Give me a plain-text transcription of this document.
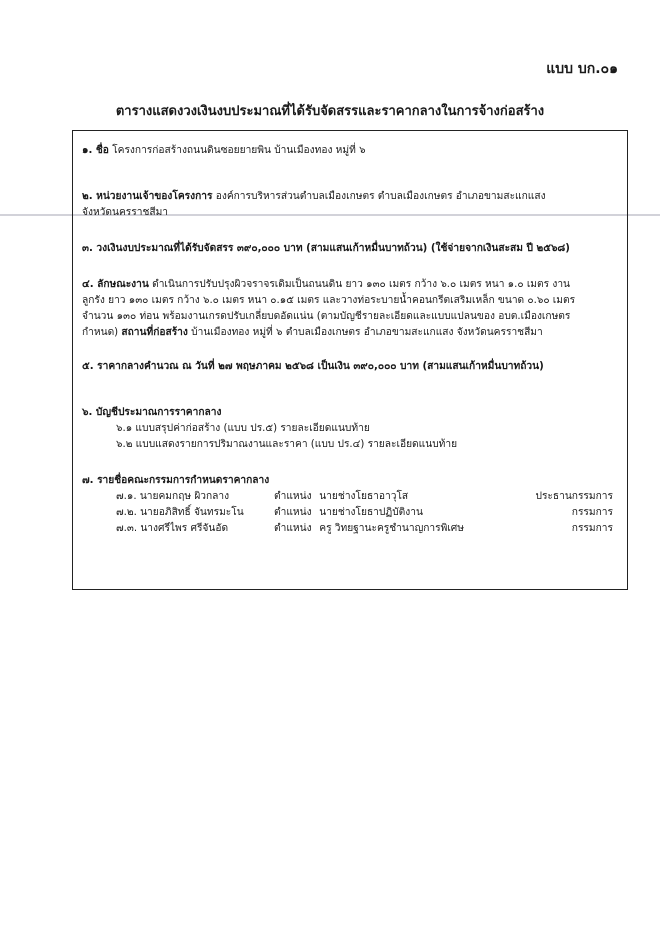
แบบ บก.๐๑
ตารางแสดงวงเงินงบประมาณที่ได้รับจัดสรรและราคากลางในการจ้างก่อสร้าง

๑. ชื่อ โครงการก่อสร้างถนนดินซอยยายพิน บ้านเมืองทอง หมู่ที่ ๖

๒. หน่วยงานเจ้าของโครงการ องค์การบริหารส่วนตำบลเมืองเกษตร ตำบลเมืองเกษตร อำเภอขามสะแกแสง
จังหวัดนครราชสีมา

๓. วงเงินงบประมาณที่ได้รับจัดสรร ๓๙๐,๐๐๐ บาท (สามแสนเก้าหมื่นบาทถ้วน) (ใช้จ่ายจากเงินสะสม ปี ๒๕๖๘)

๔. ลักษณะงาน ดำเนินการปรับปรุงผิวจราจรเดิมเป็นถนนดิน ยาว ๑๓๐ เมตร กว้าง ๖.๐ เมตร หนา ๑.๐ เมตร งาน
ลูกรัง ยาว ๑๓๐ เมตร กว้าง ๖.๐ เมตร หนา ๐.๑๕ เมตร และวางท่อระบายน้ำคอนกรีตเสริมเหล็ก ขนาด ๐.๖๐ เมตร
จำนวน ๑๓๐ ท่อน พร้อมงานเกรดปรับเกลี่ยบดอัดแน่น (ตามบัญชีรายละเอียดและแบบแปลนของ อบต.เมืองเกษตร
กำหนด) สถานที่ก่อสร้าง บ้านเมืองทอง หมู่ที่ ๖ ตำบลเมืองเกษตร อำเภอขามสะแกแสง จังหวัดนครราชสีมา

๕. ราคากลางคำนวณ ณ วันที่ ๒๗ พฤษภาคม ๒๕๖๘ เป็นเงิน ๓๙๐,๐๐๐ บาท (สามแสนเก้าหมื่นบาทถ้วน)

๖. บัญชีประมาณการราคากลาง
๖.๑ แบบสรุปค่าก่อสร้าง (แบบ ปร.๕) รายละเอียดแนบท้าย
๖.๒ แบบแสดงรายการปริมาณงานและราคา (แบบ ปร.๔) รายละเอียดแนบท้าย
๗. รายชื่อคณะกรรมการกำหนดราคากลาง
๗.๑. นายคมกฤษ ผิวกลาง	ตำแหน่ง นายช่างโยธาอาวุโส	ประธานกรรมการ
๗.๒. นายอภิสิทธิ์ จันทรมะโน	ตำแหน่ง นายช่างโยธาปฏิบัติงาน	กรรมการ
๗.๓. นางศรีไพร ศรีจันอัด	ตำแหน่ง ครู วิทยฐานะครูชำนาญการพิเศษ	กรรมการ
